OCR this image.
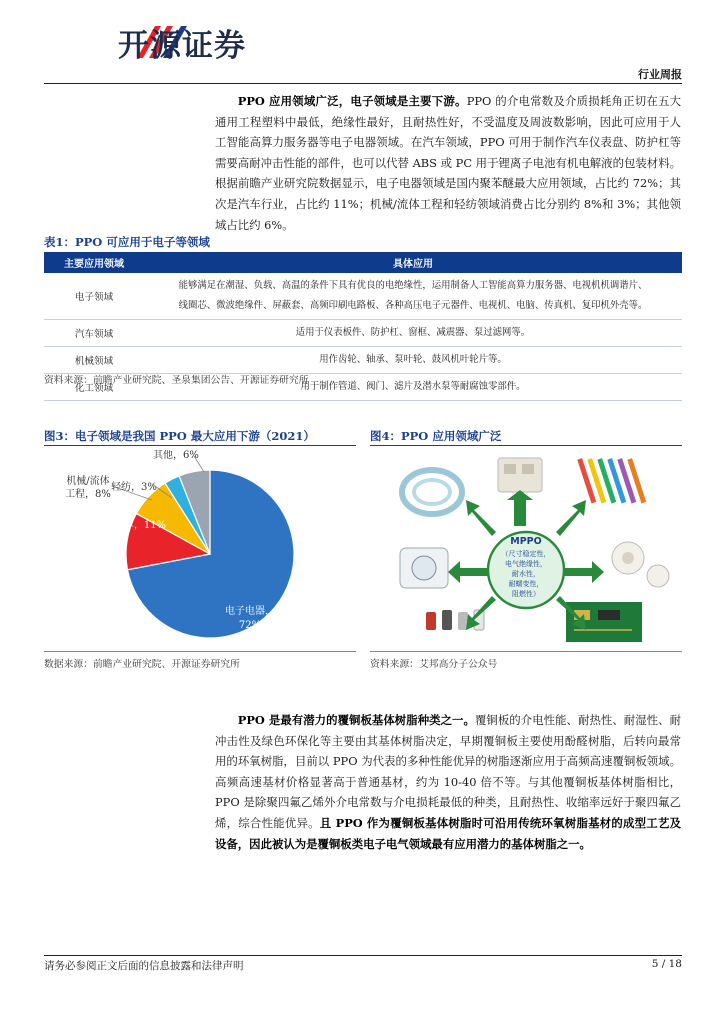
开源证券
行业周报
PPO 应用领域广泛，电子领域是主要下游。PPO 的介电常数及介质损耗角正切在五大通用工程塑料中最低，绝缘性最好，且耐热性好，不受温度及周波数影响，因此可应用于人工智能高算力服务器等电子电器领域。在汽车领域，PPO 可用于制作汽车仪表盘、防护杠等需要高耐冲击性能的部件，也可以代替 ABS 或 PC 用于锂离子电池有机电解液的包装材料。根据前瞻产业研究院数据显示，电子电器领域是国内聚苯醚最大应用领域，占比约 72%；其次是汽车行业，占比约 11%；机械/流体工程和轻纺领域消费占比分别约 8%和 3%；其他领域占比约 6%。
表1：PPO 可应用于电子等领域
主要应用领域	具体应用
电子领域	能够满足在潮湿、负载、高温的条件下具有优良的电绝缘性，运用制备人工智能高算力服务器、电视机机调谐片、
线圈芯、微波绝缘件、屏蔽套、高频印刷电路板、各种高压电子元器件、电视机、电脑、传真机、复印机外壳等。

汽车领域	适用于仪表板件、防护杠、窗框、减震器、泵过滤网等。

机械领域	用作齿轮、轴承、泵叶轮、鼓风机叶轮片等。

化工领域	用于制作管道、阀门、滤片及潜水泵等耐腐蚀零部件。
资料来源：前瞻产业研究院、圣泉集团公告、开源证券研究所
图3：电子领域是我国 PPO 最大应用下游（2021）
电子电器，
72%
汽车，11%
机械/流体
工程，8%
轻纺，3%
其他，6%
数据来源：前瞻产业研究院、开源证券研究所
图4：PPO 应用领域广泛
MPPO
（尺寸稳定性，
电气绝缘性，
耐水性，
耐蠕变性，
阻燃性）
资料来源：艾邦高分子公众号
PPO 是最有潜力的覆铜板基体树脂种类之一。覆铜板的介电性能、耐热性、耐湿性、耐冲击性及绿色环保化等主要由其基体树脂决定，早期覆铜板主要使用酚醛树脂，后转向最常用的环氧树脂，目前以 PPO 为代表的多种性能优异的树脂逐渐应用于高频高速覆铜板领域。高频高速基材价格显著高于普通基材，约为 10-40 倍不等。与其他覆铜板基体树脂相比，PPO 是除聚四氟乙烯外介电常数与介电损耗最低的种类，且耐热性、收缩率远好于聚四氟乙烯，综合性能优异。且 PPO 作为覆铜板基体树脂时可沿用传统环氧树脂基材的成型工艺及设备，因此被认为是覆铜板类电子电气领域最有应用潜力的基体树脂之一。
请务必参阅正文后面的信息披露和法律声明	5 / 18
